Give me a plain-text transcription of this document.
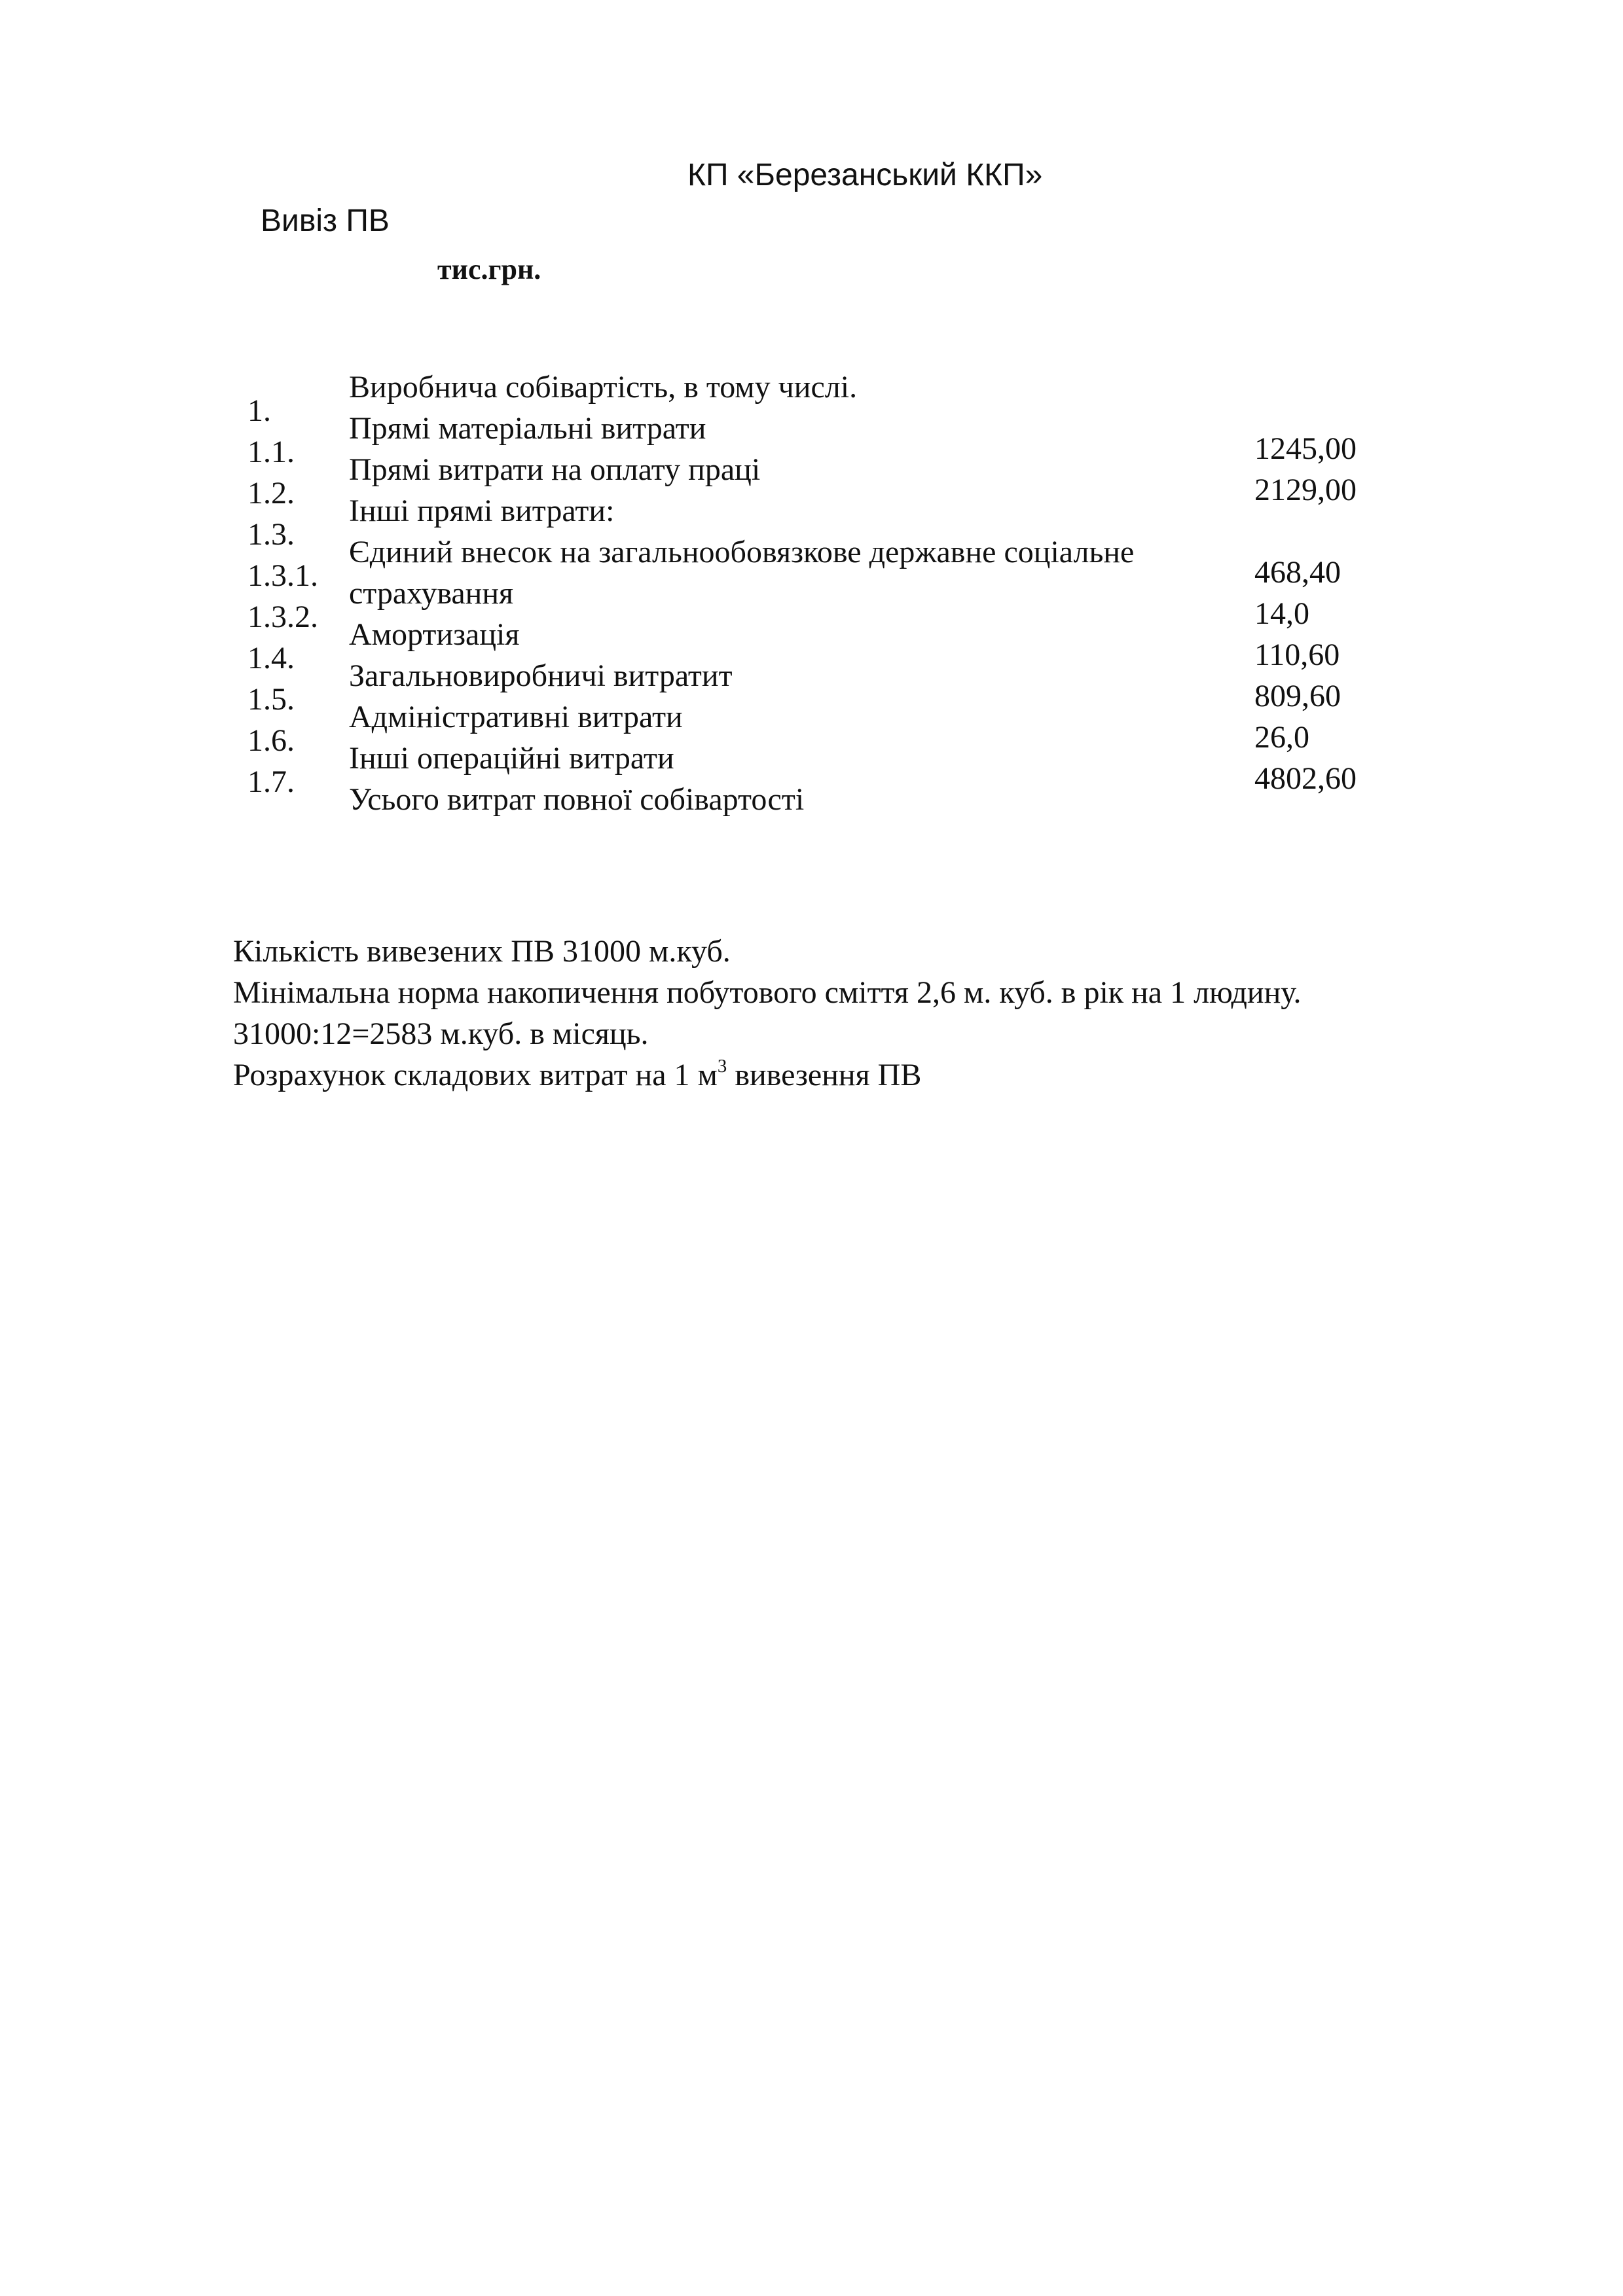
КП «Березанський ККП»
Вивіз ПВ
тис.грн.
1.
1.1.
1.2.
1.3.
1.3.1.
1.3.2.
1.4.
1.5.
1.6.
1.7.
Виробнича собівартість, в тому числі.
Прямі матеріальні витрати
Прямі витрати на оплату праці
Інші прямі витрати:
Єдиний внесок на загальнообовязкове державне соціальне
страхування
Амортизація
Загальновиробничі витратит
Адміністративні витрати
Інші операційні витрати
Усього витрат повної собівартості
1245,00
2129,00
468,40
14,0
110,60
809,60
26,0
4802,60
Кількість вивезених ПВ 31000 м.куб.
Мінімальна норма накопичення побутового сміття 2,6 м. куб. в рік на 1 людину.
31000:12=2583 м.куб. в місяць.
Розрахунок складових витрат на 1 $м^3$ вивезення ПВ
